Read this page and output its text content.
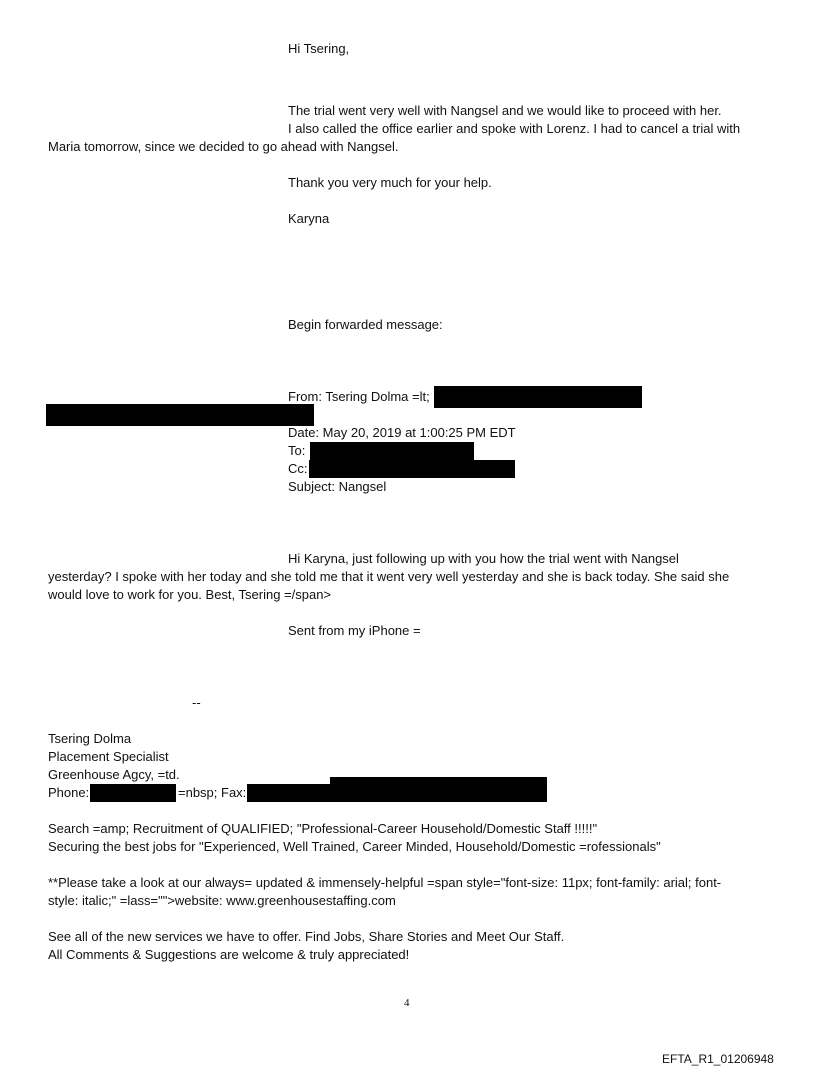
Hi Tsering,
The trial went very well with Nangsel and we would like to proceed with her.
I also called the office earlier and spoke with Lorenz. I had to cancel a trial with
Maria tomorrow, since we decided to go ahead with Nangsel.
Thank you very much for your help.
Karyna
Begin forwarded message:
From: Tsering Dolma =lt;
Date: May 20, 2019 at 1:00:25 PM EDT
To:
Cc:
Subject: Nangsel
Hi Karyna, just following up with you how the trial went with Nangsel
yesterday? I spoke with her today and she told me that it went very well yesterday and she is back today. She said she
would love to work for you. Best, Tsering =/span>
Sent from my iPhone =
--
Tsering Dolma
Placement Specialist
Greenhouse Agcy, =td.
Phone:	=nbsp; Fax:
Search =amp; Recruitment of QUALIFIED; "Professional-Career Household/Domestic Staff !!!!!"
Securing the best jobs for "Experienced, Well Trained, Career Minded, Household/Domestic =rofessionals"
**Please take a look at our always= updated & immensely-helpful =span style="font-size: 11px; font-family: arial; font-
style: italic;" =lass="">website: www.greenhousestaffing.com
See all of the new services we have to offer. Find Jobs, Share Stories and Meet Our Staff.
All Comments & Suggestions are welcome & truly appreciated!
4
EFTA_R1_01206948
